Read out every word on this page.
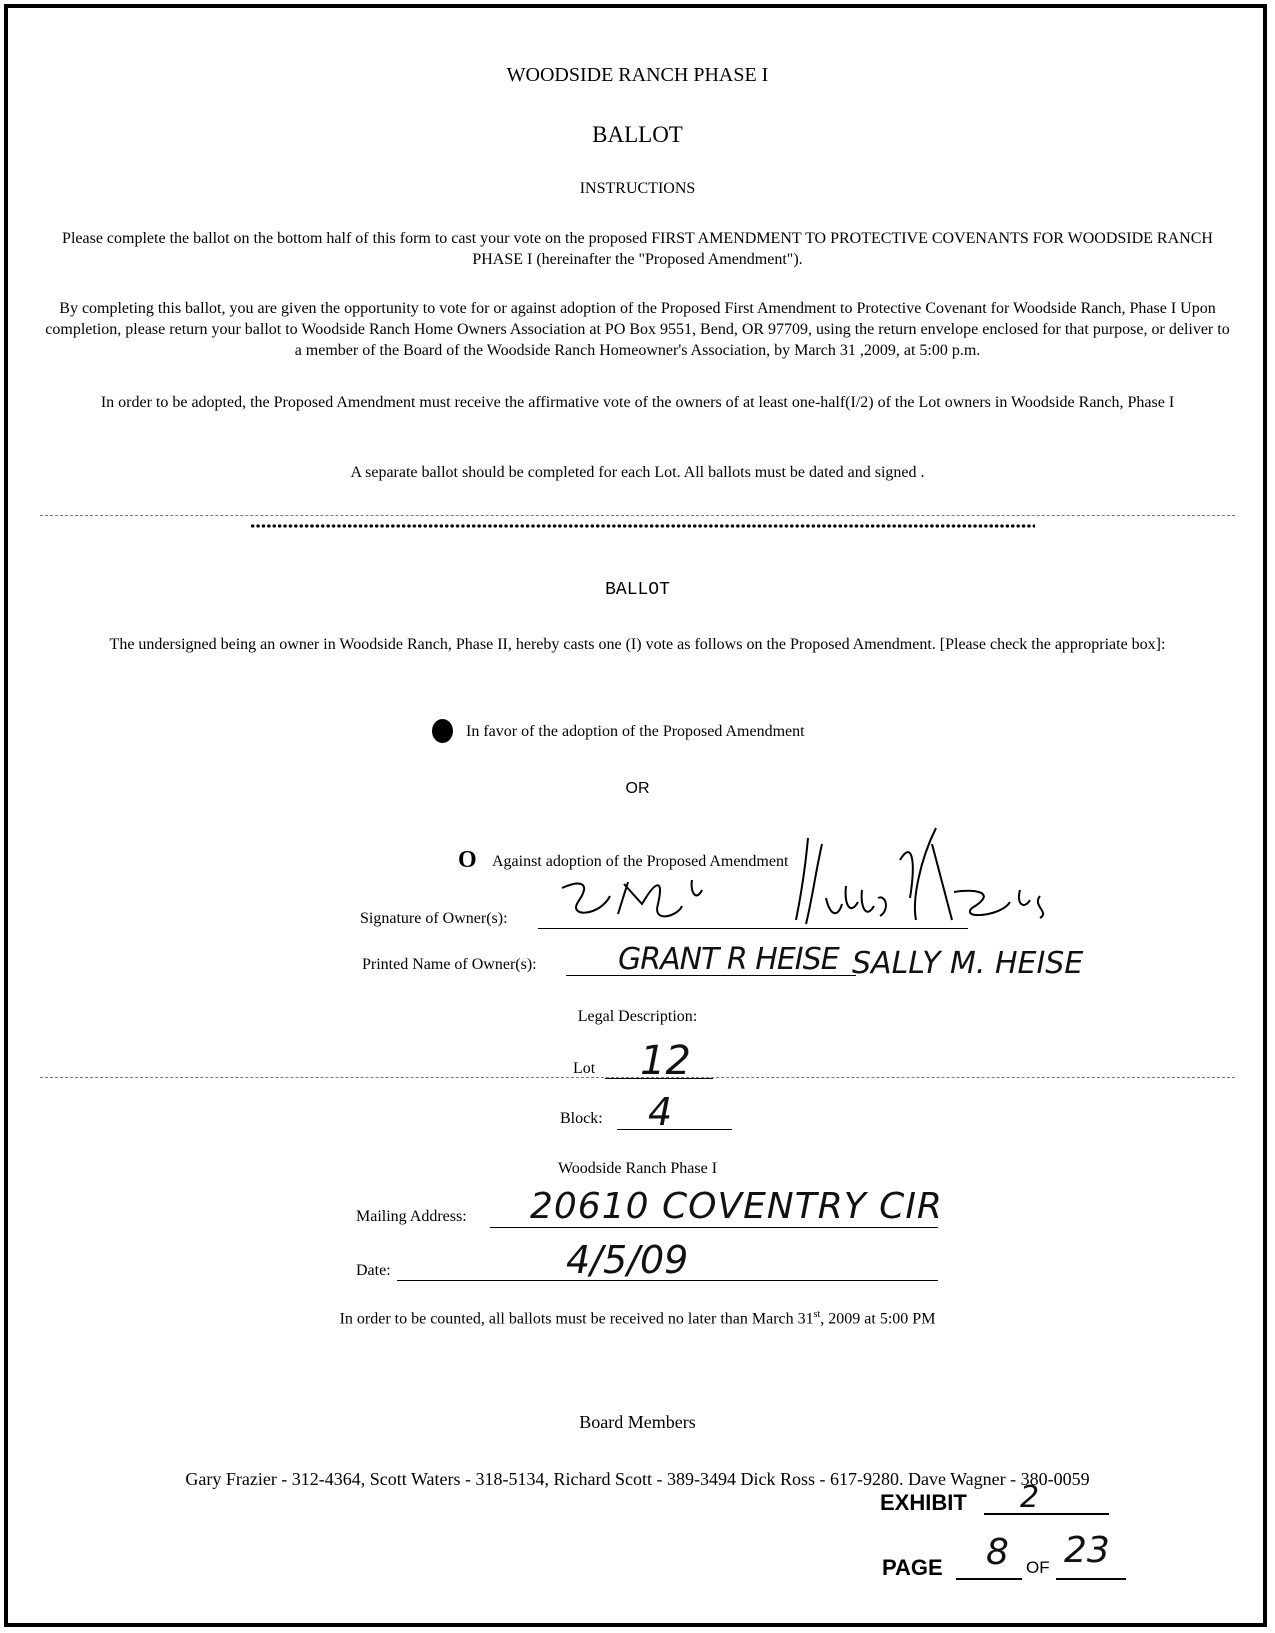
WOODSIDE RANCH PHASE I
BALLOT
INSTRUCTIONS
Please complete the ballot on the bottom half of this form to cast your vote on the proposed FIRST AMENDMENT TO PROTECTIVE COVENANTS FOR WOODSIDE RANCH PHASE I (hereinafter the "Proposed Amendment").
By completing this ballot, you are given the opportunity to vote for or against adoption of the Proposed First Amendment to Protective Covenant for Woodside Ranch, Phase I Upon completion, please return your ballot to Woodside Ranch Home Owners Association at PO Box 9551, Bend, OR 97709, using the return envelope enclosed for that purpose, or deliver to a member of the Board of the Woodside Ranch Homeowner's Association, by March 31 ,2009, at 5:00 p.m.
In order to be adopted, the Proposed Amendment must receive the affirmative vote of the owners of at least one-half(I/2) of the Lot owners in Woodside Ranch, Phase I
A separate ballot should be completed for each Lot. All ballots must be dated and signed .
BALLOT
The undersigned being an owner in Woodside Ranch, Phase II, hereby casts one (I) vote as follows on the Proposed Amendment. [Please check the appropriate box]:
In favor of the adoption of the Proposed Amendment
OR
O Against adoption of the Proposed Amendment
Signature of Owner(s):
Printed Name of Owner(s):	GRANT R HEISE SALLY M. HEISE
Legal Description:
Lot 12
Block: 4
Woodside Ranch Phase I
Mailing Address: 20610 COVENTRY CIR
Date:	4/5/09
In order to be counted, all ballots must be received no later than March 31st, 2009 at 5:00 PM
Board Members
Gary Frazier - 312-4364, Scott Waters - 318-5134, Richard Scott - 389-3494 Dick Ross - 617-9280. Dave Wagner - 380-0059
EXHIBIT 2
PAGE 8 OF 23
